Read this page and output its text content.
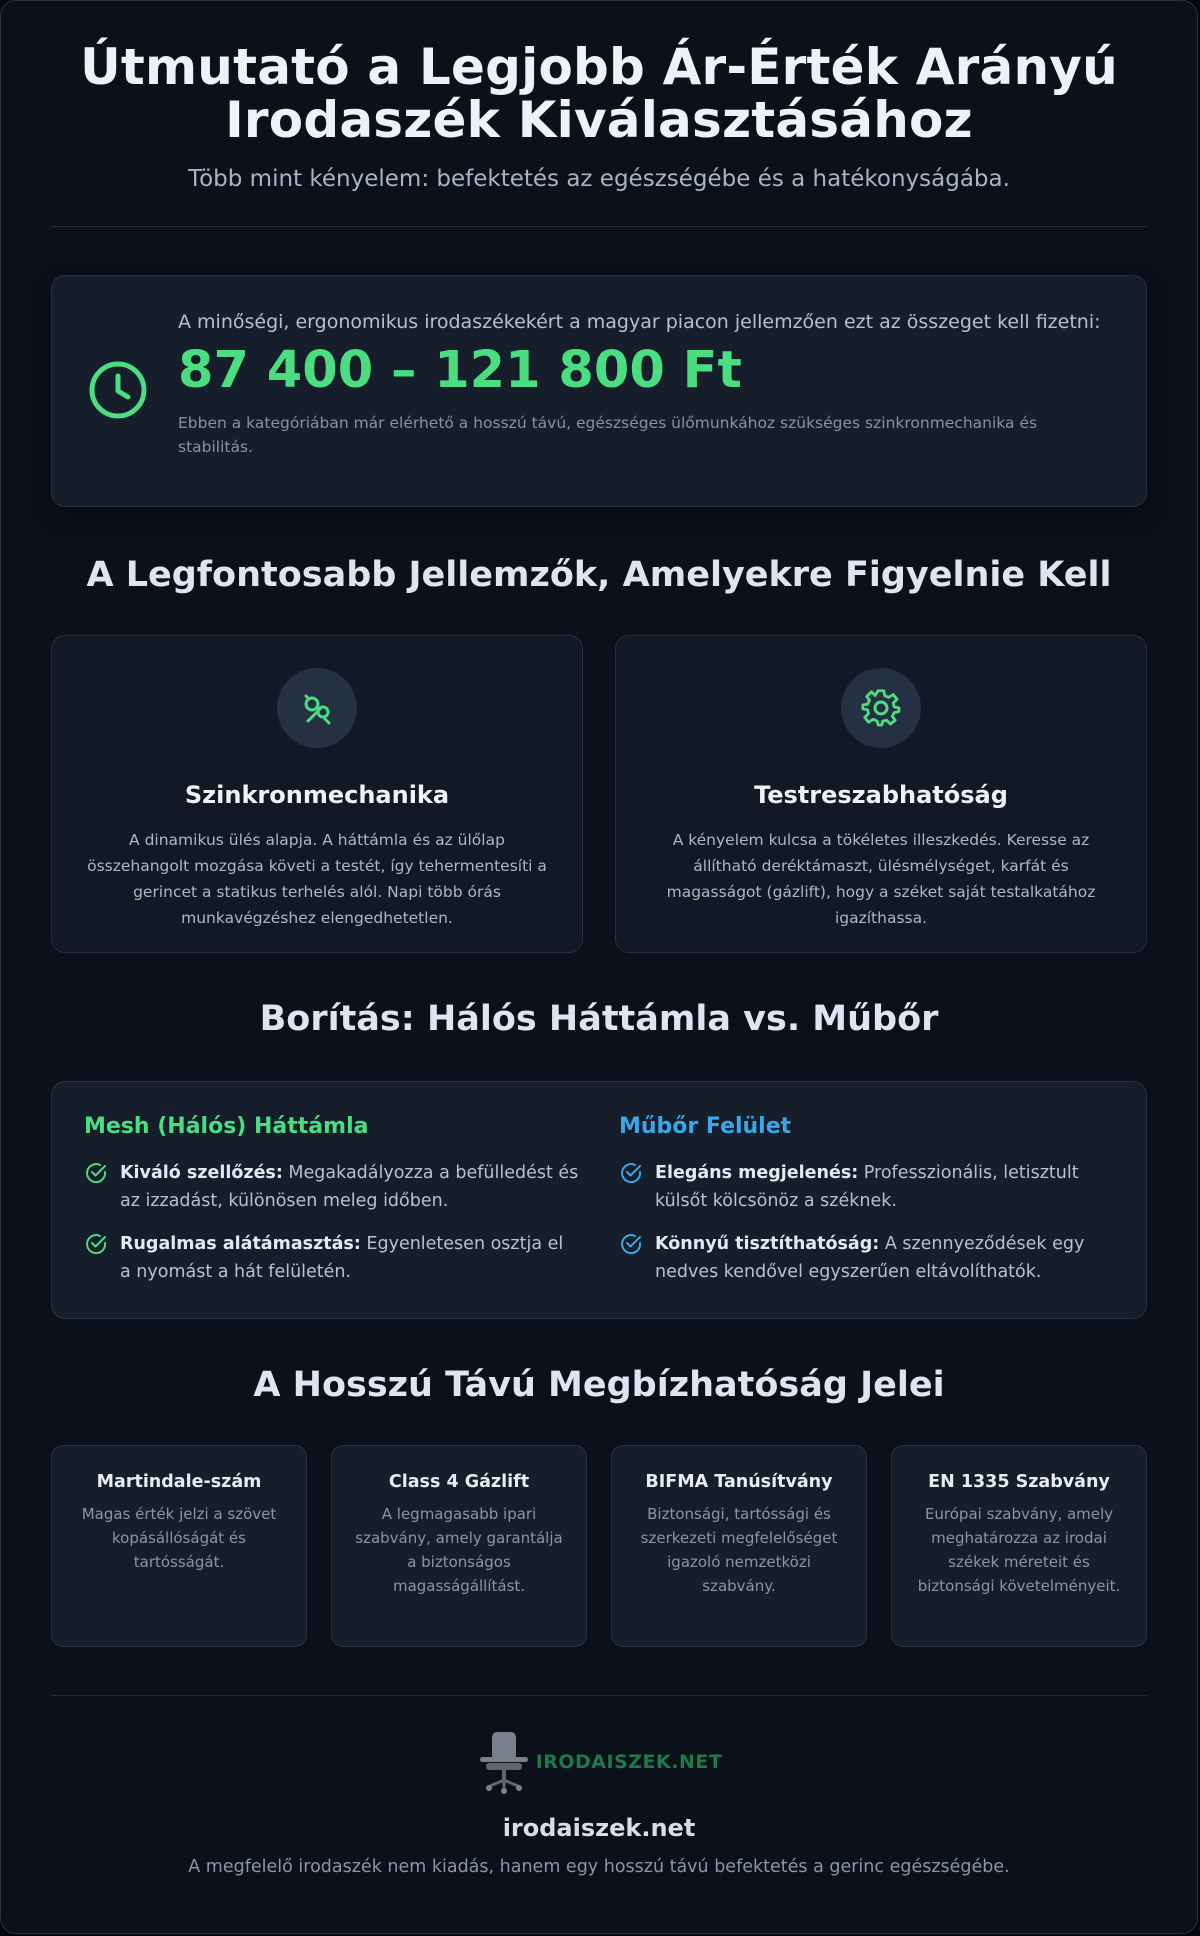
Útmutató a Legjobb Ár-Érték Arányú
Irodaszék Kiválasztásához

Több mint kényelem: befektetés az egészségébe és a hatékonyságába.

A minőségi, ergonomikus irodaszékekért a magyar piacon jellemzően ezt az összeget kell fizetni:
87 400 – 121 800 Ft
Ebben a kategóriában már elérhető a hosszú távú, egészséges ülőmunkához szükséges szinkronmechanika és stabilitás.
A Legfontosabb Jellemzők, Amelyekre Figyelnie Kell
Szinkronmechanika
A dinamikus ülés alapja. A háttámla és az ülőlap összehangolt mozgása követi a testét, így tehermentesíti a gerincet a statikus terhelés alól. Napi több órás munkavégzéshez elengedhetetlen.
Testreszabhatóság
A kényelem kulcsa a tökéletes illeszkedés. Keresse az állítható deréktámaszt, ülésmélységet, karfát és magasságot (gázlift), hogy a széket saját testalkatához igazíthassa.
Borítás: Hálós Háttámla vs. Műbőr
Mesh (Hálós) Háttámla
Kiváló szellőzés: Megakadályozza a befülledést és az izzadást, különösen meleg időben.
Rugalmas alátámasztás: Egyenletesen osztja el a nyomást a hát felületén.
Műbőr Felület
Elegáns megjelenés: Professzionális, letisztult külsőt kölcsönöz a széknek.
Könnyű tisztíthatóság: A szennyeződések egy nedves kendővel egyszerűen eltávolíthatók.
A Hosszú Távú Megbízhatóság Jelei
Martindale-szám
Magas érték jelzi a szövet kopásállóságát és tartósságát.
Class 4 Gázlift
A legmagasabb ipari szabvány, amely garantálja a biztonságos magasságállítást.
BIFMA Tanúsítvány
Biztonsági, tartóssági és szerkezeti megfelelőséget igazoló nemzetközi szabvány.
EN 1335 Szabvány
Európai szabvány, amely meghatározza az irodai székek méreteit és biztonsági követelményeit.
IRODAISZEK.NET
irodaiszek.net
A megfelelő irodaszék nem kiadás, hanem egy hosszú távú befektetés a gerinc egészségébe.
